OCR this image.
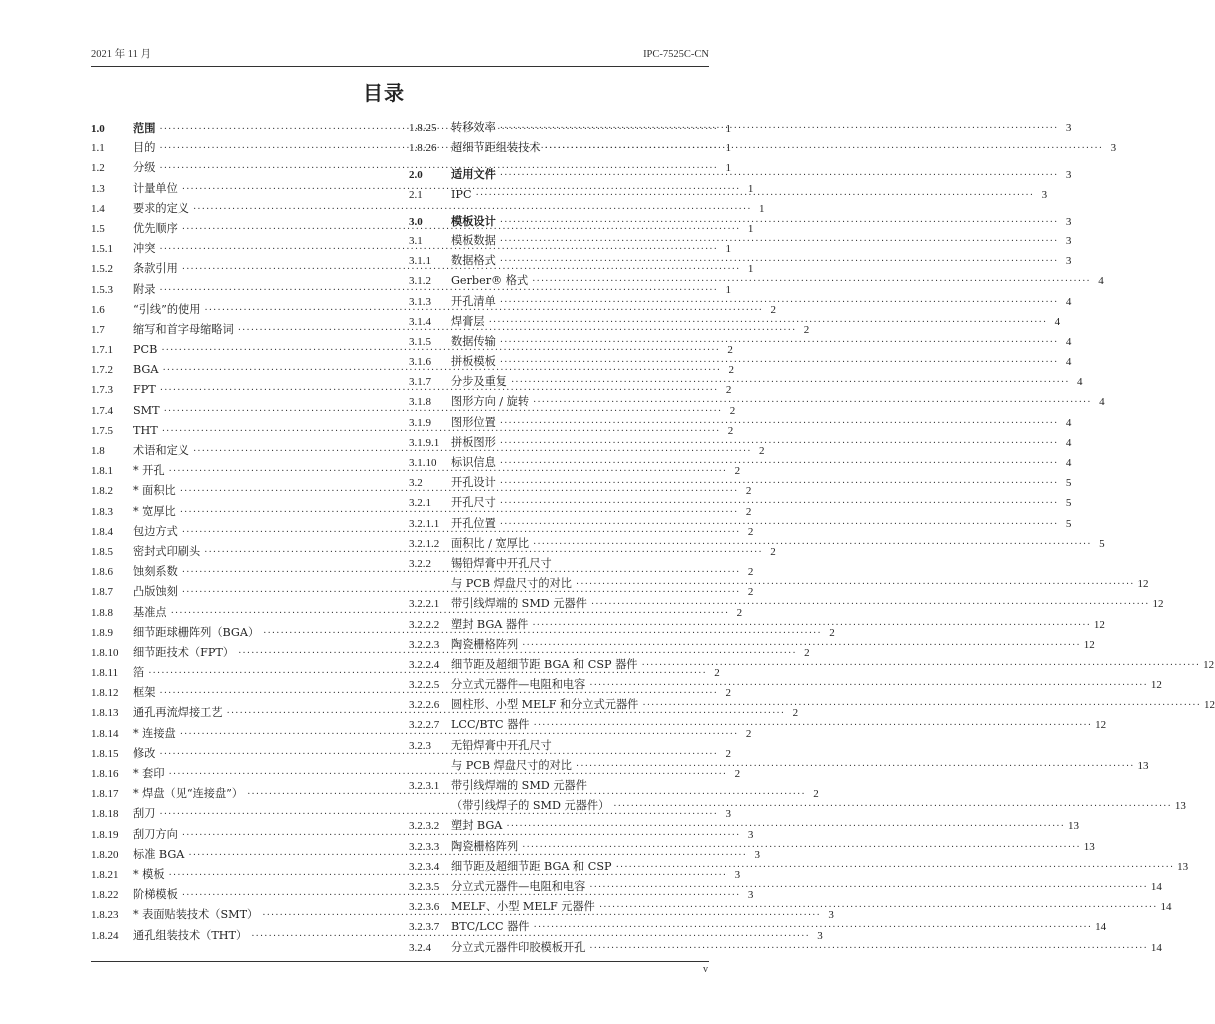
2021 年 11 月	IPC-7525C-CN
目录
1.0	范围 ·····	1
1.1	目的 ·····	1
1.2	分级 ·····	1
1.3	计量单位 ·····	1
1.4	要求的定义 ·····	1
1.5	优先顺序 ·····	1
1.5.1	冲突 ·····	1
1.5.2	条款引用 ·····	1
1.5.3	附录 ·····	1
1.6	“引线”的使用 ·····	2
1.7	缩写和首字母缩略词 ·····	2
1.7.1	PCB ·····	2
1.7.2	BGA ·····	2
1.7.3	FPT ·····	2
1.7.4	SMT ·····	2
1.7.5	THT ·····	2
1.8	术语和定义 ·····	2
1.8.1	* 开孔 ·····	2
1.8.2	* 面积比 ·····	2
1.8.3	* 宽厚比 ·····	2
1.8.4	包边方式 ·····	2
1.8.5	密封式印刷头 ·····	2
1.8.6	蚀刻系数 ·····	2
1.8.7	凸版蚀刻 ·····	2
1.8.8	基准点 ·····	2
1.8.9	细节距球栅阵列（BGA） ·····	2
1.8.10	细节距技术（FPT） ·····	2
1.8.11	箔 ·····	2
1.8.12	框架 ·····	2
1.8.13	通孔再流焊接工艺 ·····	2
1.8.14	* 连接盘 ·····	2
1.8.15	修改 ·····	2
1.8.16	* 套印 ·····	2
1.8.17	* 焊盘（见“连接盘”） ·····	2
1.8.18	刮刀 ·····	3
1.8.19	刮刀方向 ·····	3
1.8.20	标准 BGA ·····	3
1.8.21	* 模板 ·····	3
1.8.22	阶梯模板 ·····	3
1.8.23	* 表面贴装技术（SMT） ·····	3
1.8.24	通孔组装技术（THT） ·····	3
1.8.25	转移效率 ·····	3
1.8.26	超细节距组装技术 ·····	3
2.0	适用文件 ·····	3
2.1	IPC ·····	3
3.0	模板设计 ·····	3
3.1	模板数据 ·····	3
3.1.1	数据格式 ·····	3
3.1.2	Gerber® 格式 ·····	4
3.1.3	开孔清单 ·····	4
3.1.4	焊膏层 ·····	4
3.1.5	数据传输 ·····	4
3.1.6	拼板模板 ·····	4
3.1.7	分步及重复 ·····	4
3.1.8	图形方向 / 旋转 ·····	4
3.1.9	图形位置 ·····	4
3.1.9.1	拼板图形 ·····	4
3.1.10	标识信息 ·····	4
3.2	开孔设计 ·····	5
3.2.1	开孔尺寸 ·····	5
3.2.1.1	开孔位置 ·····	5
3.2.1.2	面积比 / 宽厚比 ·····	5
3.2.2	锡铅焊膏中开孔尺寸
与 PCB 焊盘尺寸的对比 ·····	12
3.2.2.1	带引线焊端的 SMD 元器件 ·····	12
3.2.2.2	塑封 BGA 器件 ·····	12
3.2.2.3	陶瓷栅格阵列 ·····	12
3.2.2.4	细节距及超细节距 BGA 和 CSP 器件 ·····	12
3.2.2.5	分立式元器件—电阻和电容 ·····	12
3.2.2.6	圆柱形、小型 MELF 和分立式元器件 ·····	12
3.2.2.7	LCC/BTC 器件 ·····	12
3.2.3	无铅焊膏中开孔尺寸
与 PCB 焊盘尺寸的对比 ·····	13
3.2.3.1	带引线焊端的 SMD 元器件
（带引线焊子的 SMD 元器件） ·····	13
3.2.3.2	塑封 BGA ·····	13
3.2.3.3	陶瓷栅格阵列 ·····	13
3.2.3.4	细节距及超细节距 BGA 和 CSP ·····	13
3.2.3.5	分立式元器件—电阻和电容 ·····	14
3.2.3.6	MELF、小型 MELF 元器件 ·····	14
3.2.3.7	BTC/LCC 器件 ·····	14
3.2.4	分立式元器件印胶模板开孔 ·····	14
v
